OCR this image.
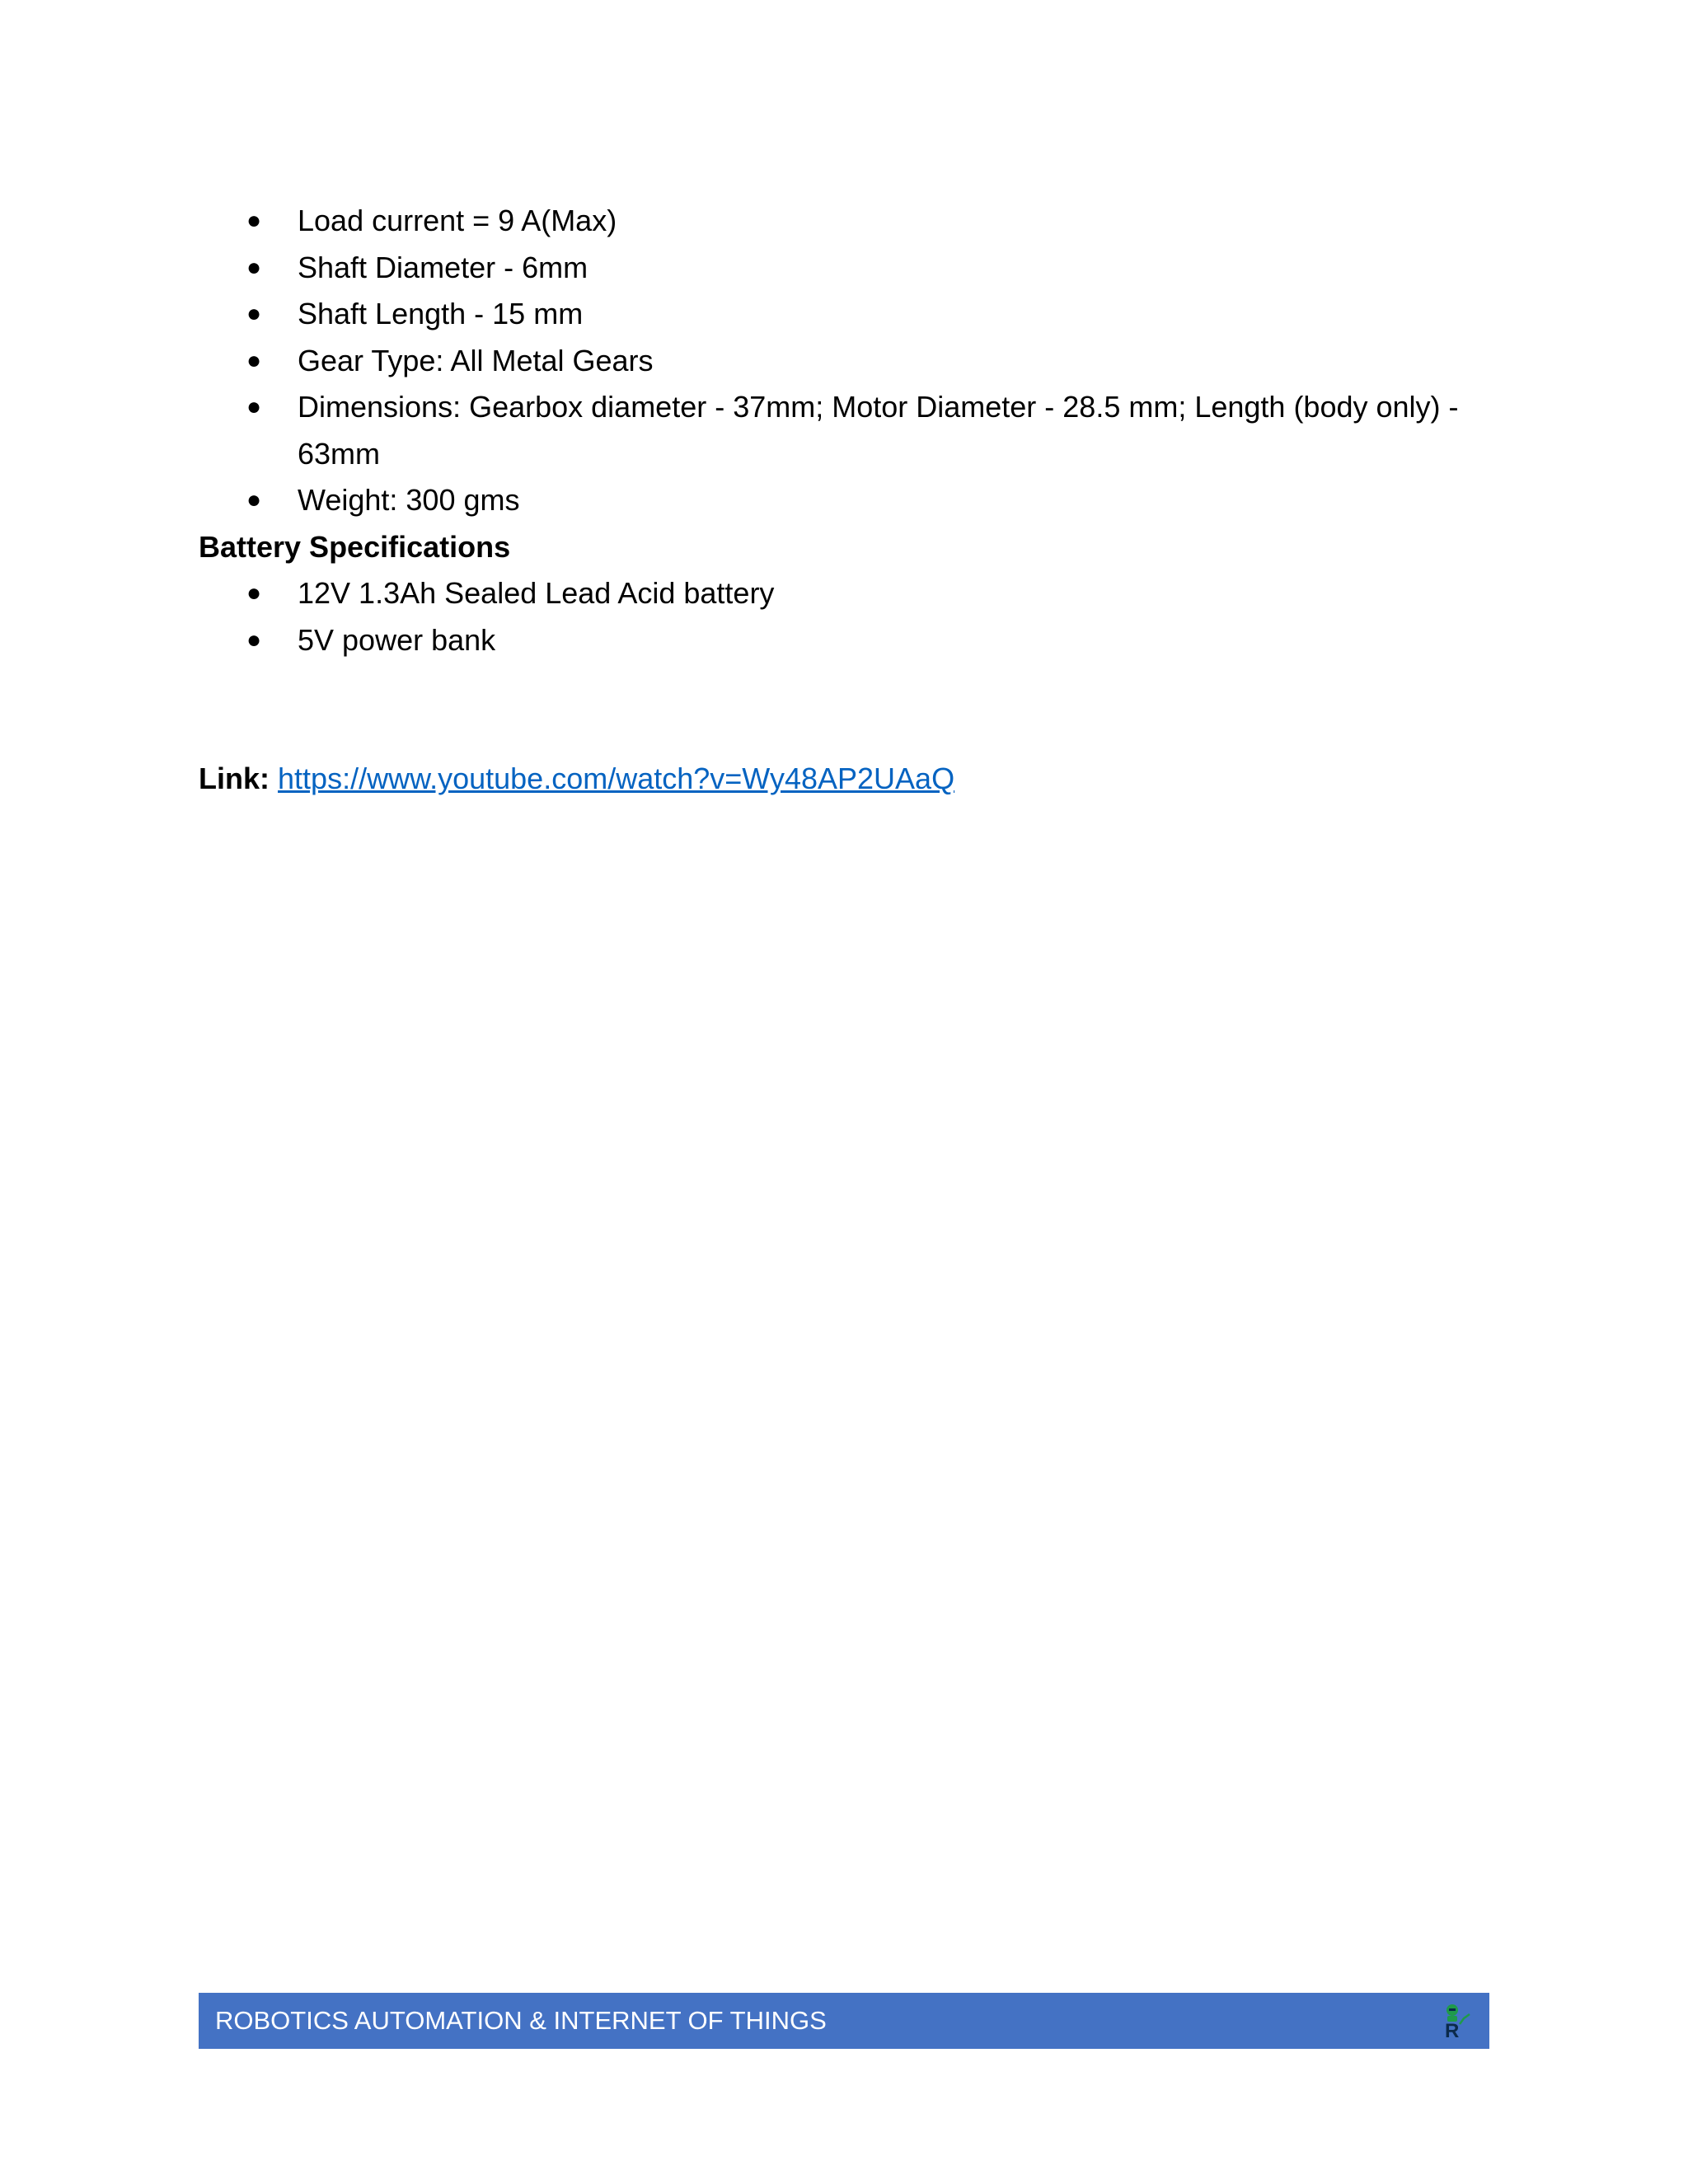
● Load current = 9 A(Max)
● Shaft Diameter - 6mm
● Shaft Length - 15 mm
● Gear Type: All Metal Gears
● Dimensions: Gearbox diameter - 37mm; Motor Diameter - 28.5 mm; Length (body only) - 63mm
● Weight: 300 gms

Battery Specifications

● 12V 1.3Ah Sealed Lead Acid battery
● 5V power bank

Link: https://www.youtube.com/watch?v=Wy48AP2UAaQ

ROBOTICS AUTOMATION & INTERNET OF THINGS	R
